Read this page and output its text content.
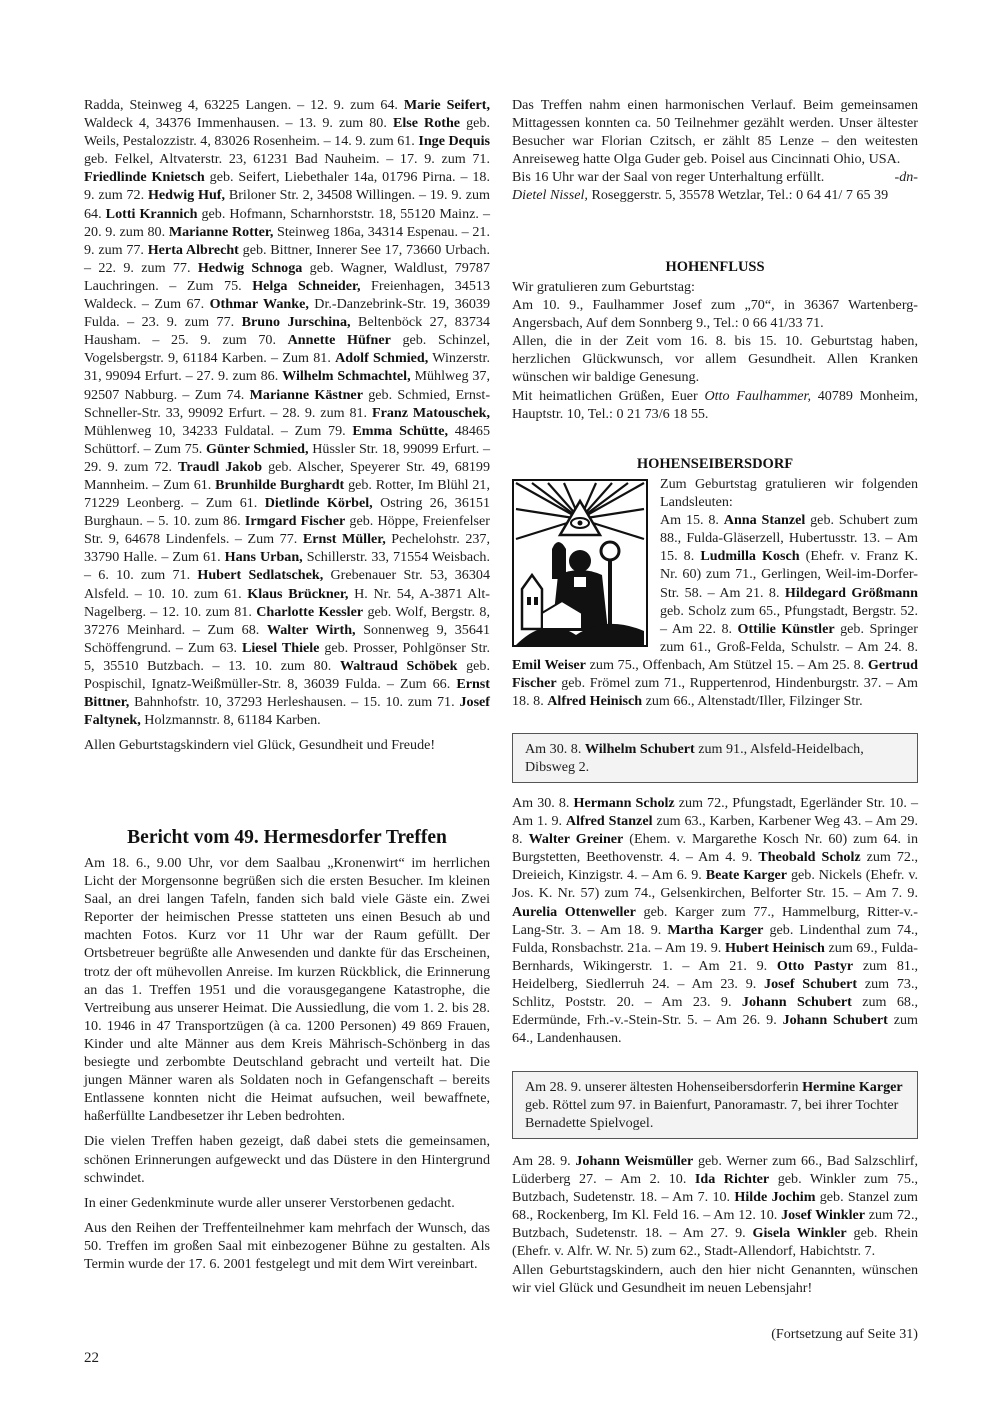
Radda, Steinweg 4, 63225 Langen. – 12. 9. zum 64. Marie Seifert, Waldeck 4, 34376 Immenhausen. – 13. 9. zum 80. Else Rothe geb. Weils, Pestalozzistr. 4, 83026 Rosenheim. – 14. 9. zum 61. Inge Dequis geb. Felkel, Altvaterstr. 23, 61231 Bad Nauheim. – 17. 9. zum 71. Friedlinde Knietsch geb. Seifert, Liebethaler 14a, 01796 Pirna. – 18. 9. zum 72. Hedwig Huf, Briloner Str. 2, 34508 Willingen. – 19. 9. zum 64. Lotti Krannich geb. Hofmann, Scharnhorststr. 18, 55120 Mainz. – 20. 9. zum 80. Marianne Rotter, Steinweg 186a, 34314 Espenau. – 21. 9. zum 77. Herta Albrecht geb. Bittner, Innerer See 17, 73660 Urbach. – 22. 9. zum 77. Hedwig Schnoga geb. Wagner, Waldlust, 79787 Lauchringen. – Zum 75. Helga Schneider, Freienhagen, 34513 Waldeck. – Zum 67. Othmar Wanke, Dr.-Danzebrink-Str. 19, 36039 Fulda. – 23. 9. zum 77. Bruno Jurschina, Beltenböck 27, 83734 Hausham. – 25. 9. zum 70. Annette Hüfner geb. Schinzel, Vogelsbergstr. 9, 61184 Karben. – Zum 81. Adolf Schmied, Winzerstr. 31, 99094 Erfurt. – 27. 9. zum 86. Wilhelm Schmachtel, Mühlweg 37, 92507 Nabburg. – Zum 74. Marianne Kästner geb. Schmied, Ernst-Schneller-Str. 33, 99092 Erfurt. – 28. 9. zum 81. Franz Matouschek, Mühlenweg 10, 34233 Fuldatal. – Zum 79. Emma Schütte, 48465 Schüttorf. – Zum 75. Günter Schmied, Hüssler Str. 18, 99099 Erfurt. – 29. 9. zum 72. Traudl Jakob geb. Alscher, Speyerer Str. 49, 68199 Mannheim. – Zum 61. Brunhilde Burghardt geb. Rotter, Im Blühl 21, 71229 Leonberg. – Zum 61. Dietlinde Körbel, Ostring 26, 36151 Burghaun. – 5. 10. zum 86. Irmgard Fischer geb. Höppe, Freienfelser Str. 9, 64678 Lindenfels. – Zum 77. Ernst Müller, Pechelohstr. 237, 33790 Halle. – Zum 61. Hans Urban, Schillerstr. 33, 71554 Weisbach. – 6. 10. zum 71. Hubert Sedlatschek, Grebenauer Str. 53, 36304 Alsfeld. – 10. 10. zum 61. Klaus Brückner, H. Nr. 54, A-3871 Alt-Nagelberg. – 12. 10. zum 81. Charlotte Kessler geb. Wolf, Bergstr. 8, 37276 Meinhard. – Zum 68. Walter Wirth, Sonnenweg 9, 35641 Schöffengrund. – Zum 63. Liesel Thiele geb. Prosser, Pohlgönser Str. 5, 35510 Butzbach. – 13. 10. zum 80. Waltraud Schöbek geb. Pospischil, Ignatz-Weißmüller-Str. 8, 36039 Fulda. – Zum 66. Ernst Bittner, Bahnhofstr. 10, 37293 Herleshausen. – 15. 10. zum 71. Josef Faltynek, Holzmannstr. 8, 61184 Karben.

Allen Geburtstagskindern viel Glück, Gesundheit und Freude!

Bericht vom 49. Hermesdorfer Treffen

Am 18. 6., 9.00 Uhr, vor dem Saalbau „Kronenwirt“ im herrlichen Licht der Morgensonne begrüßen sich die ersten Besucher. Im kleinen Saal, an drei langen Tafeln, fanden sich bald viele Gäste ein. Zwei Reporter der heimischen Presse statteten uns einen Besuch ab und machten Fotos. Kurz vor 11 Uhr war der Raum gefüllt. Der Ortsbetreuer begrüßte alle Anwesenden und dankte für das Erscheinen, trotz der oft mühevollen Anreise. Im kurzen Rückblick, die Erinnerung an das 1. Treffen 1951 und die vorausgegangene Katastrophe, die Vertreibung aus unserer Heimat. Die Aussiedlung, die vom 1. 2. bis 28. 10. 1946 in 47 Transportzügen (à ca. 1200 Personen) 49 869 Frauen, Kinder und alte Männer aus dem Kreis Mährisch-Schönberg in das besiegte und zerbombte Deutschland gebracht und verteilt hat. Die jungen Männer waren als Soldaten noch in Gefangenschaft – bereits Entlassene konnten nicht die Heimat aufsuchen, weil bewaffnete, haßerfüllte Landbesetzer ihr Leben bedrohten.

Die vielen Treffen haben gezeigt, daß dabei stets die gemeinsamen, schönen Erinnerungen aufgeweckt und das Düstere in den Hintergrund schwindet.

In einer Gedenkminute wurde aller unserer Verstorbenen gedacht.

Aus den Reihen der Treffenteilnehmer kam mehrfach der Wunsch, das 50. Treffen im großen Saal mit einbezogener Bühne zu gestalten. Als Termin wurde der 17. 6. 2001 festgelegt und mit dem Wirt vereinbart.

22

Das Treffen nahm einen harmonischen Verlauf. Beim gemeinsamen Mittagessen konnten ca. 50 Teilnehmer gezählt werden. Unser ältester Besucher war Florian Czitsch, er zählt 85 Lenze – den weitesten Anreiseweg hatte Olga Guder geb. Poisel aus Cincinnati Ohio, USA.

-dn-
Bis 16 Uhr war der Saal von reger Unterhaltung erfüllt.

Dietel Nissel, Roseggerstr. 5, 35578 Wetzlar, Tel.: 0 64 41/ 7 65 39

HOHENFLUSS

Wir gratulieren zum Geburtstag:

Am 10. 9., Faulhammer Josef zum „70“, in 36367 Wartenberg-Angersbach, Auf dem Sonnberg 9., Tel.: 0 66 41/33 71.

Allen, die in der Zeit vom 16. 8. bis 15. 10. Geburtstag haben, herzlichen Glückwunsch, vor allem Gesundheit. Allen Kranken wünschen wir baldige Genesung.

Mit heimatlichen Grüßen, Euer Otto Faulhammer, 40789 Monheim, Hauptstr. 10, Tel.: 0 21 73/6 18 55.

HOHENSEIBERSDORF

Zum Geburtstag gratulieren wir folgenden Landsleuten:
Am 15. 8. Anna Stanzel geb. Schubert zum 88., Fulda-Gläserzell, Hubertusstr. 13. – Am 15. 8. Ludmilla Kosch (Ehefr. v. Franz K. Nr. 60) zum 71., Gerlingen, Weil-im-Dorfer-Str. 58. – Am 21. 8. Hildegard Größmann geb. Scholz zum 65., Pfungstadt, Bergstr. 52. – Am 22. 8. Ottilie Künstler geb. Springer zum 61., Groß-Felda, Schulstr. – Am 24. 8. Emil Weiser zum 75., Offenbach, Am Stützel 15. – Am 25. 8. Gertrud Fischer geb. Frömel zum 71., Ruppertenrod, Hindenburgstr. 37. – Am 18. 8. Alfred Heinisch zum 66., Altenstadt/Iller, Filzinger Str.

Am 30. 8. Wilhelm Schubert zum 91., Alsfeld-Heidelbach, Dibsweg 2.

Am 30. 8. Hermann Scholz zum 72., Pfungstadt, Egerländer Str. 10. – Am 1. 9. Alfred Stanzel zum 63., Karben, Karbener Weg 43. – Am 29. 8. Walter Greiner (Ehem. v. Margarethe Kosch Nr. 60) zum 64. in Burgstetten, Beethovenstr. 4. – Am 4. 9. Theobald Scholz zum 72., Dreieich, Kinzigstr. 4. – Am 6. 9. Beate Karger geb. Nickels (Ehefr. v. Jos. K. Nr. 57) zum 74., Gelsenkirchen, Belforter Str. 15. – Am 7. 9. Aurelia Ottenweller geb. Karger zum 77., Hammelburg, Ritter-v.-Lang-Str. 3. – Am 18. 9. Martha Karger geb. Lindenthal zum 74., Fulda, Ronsbachstr. 21a. – Am 19. 9. Hubert Heinisch zum 69., Fulda-Bernhards, Wikingerstr. 1. – Am 21. 9. Otto Pastyr zum 81., Heidelberg, Siedlerruh 24. – Am 23. 9. Josef Schubert zum 73., Schlitz, Poststr. 20. – Am 23. 9. Johann Schubert zum 68., Edermünde, Frh.-v.-Stein-Str. 5. – Am 26. 9. Johann Schubert zum 64., Landenhausen.

Am 28. 9. unserer ältesten Hohenseibersdorferin Hermine Karger geb. Röttel zum 97. in Baienfurt, Panoramastr. 7, bei ihrer Tochter Bernadette Spielvogel.

Am 28. 9. Johann Weismüller geb. Werner zum 66., Bad Salzschlirf, Lüderberg 27. – Am 2. 10. Ida Richter geb. Winkler zum 75., Butzbach, Sudetenstr. 18. – Am 7. 10. Hilde Jochim geb. Stanzel zum 68., Rockenberg, Im Kl. Feld 16. – Am 12. 10. Josef Winkler zum 72., Butzbach, Sudetenstr. 18. – Am 27. 9. Gisela Winkler geb. Rhein (Ehefr. v. Alfr. W. Nr. 5) zum 62., Stadt-Allendorf, Habichtstr. 7.

Allen Geburtstagskindern, auch den hier nicht Genannten, wünschen wir viel Glück und Gesundheit im neuen Lebensjahr!

(Fortsetzung auf Seite 31)
